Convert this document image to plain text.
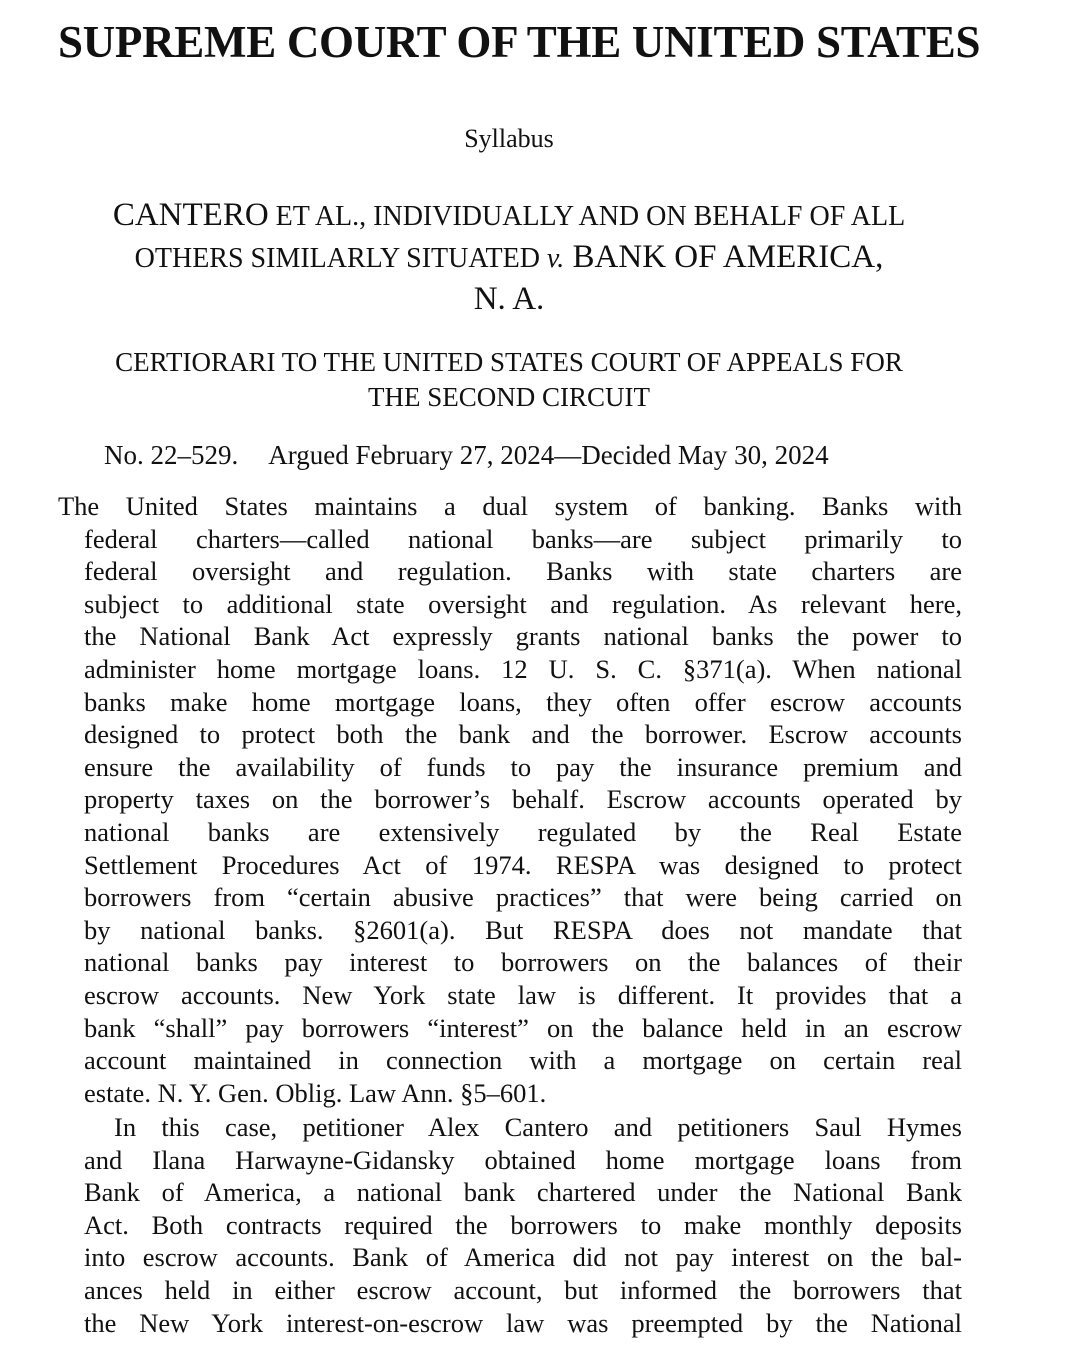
SUPREME COURT OF THE UNITED STATES
Syllabus
CANTERO ET AL., INDIVIDUALLY AND ON BEHALF OF ALL
OTHERS SIMILARLY SITUATED v. BANK OF AMERICA,
N. A.
CERTIORARI TO THE UNITED STATES COURT OF APPEALS FOR
THE SECOND CIRCUIT
No. 22–529. Argued February 27, 2024—Decided May 30, 2024
The United States maintains a dual system of banking. Banks with
federal charters—called national banks—are subject primarily to
federal oversight and regulation. Banks with state charters are
subject to additional state oversight and regulation. As relevant here,
the National Bank Act expressly grants national banks the power to
administer home mortgage loans. 12 U. S. C. §371(a). When national
banks make home mortgage loans, they often offer escrow accounts
designed to protect both the bank and the borrower. Escrow accounts
ensure the availability of funds to pay the insurance premium and
property taxes on the borrower’s behalf. Escrow accounts operated by
national banks are extensively regulated by the Real Estate
Settlement Procedures Act of 1974. RESPA was designed to protect
borrowers from “certain abusive practices” that were being carried on
by national banks. §2601(a). But RESPA does not mandate that
national banks pay interest to borrowers on the balances of their
escrow accounts. New York state law is different. It provides that a
bank “shall” pay borrowers “interest” on the balance held in an escrow
account maintained in connection with a mortgage on certain real
estate. N. Y. Gen. Oblig. Law Ann. §5–601.
In this case, petitioner Alex Cantero and petitioners Saul Hymes
and Ilana Harwayne-Gidansky obtained home mortgage loans from
Bank of America, a national bank chartered under the National Bank
Act. Both contracts required the borrowers to make monthly deposits
into escrow accounts. Bank of America did not pay interest on the bal-
ances held in either escrow account, but informed the borrowers that
the New York interest-on-escrow law was preempted by the National
